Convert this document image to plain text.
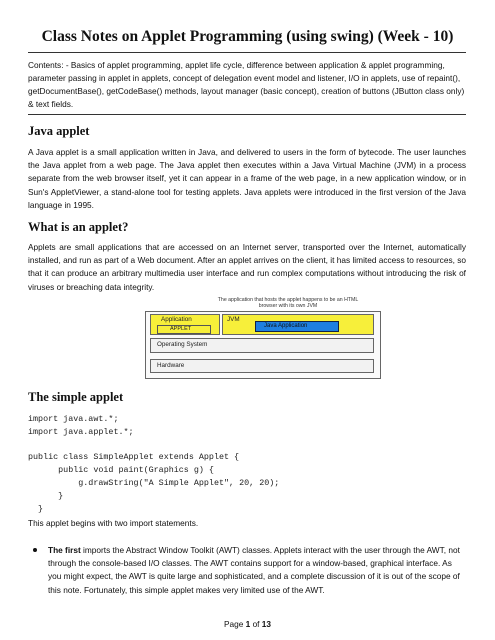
Class Notes on Applet Programming (using swing) (Week - 10)
Contents: - Basics of applet programming, applet life cycle, difference between application & applet programming, parameter passing in applet in applets, concept of delegation event model and listener, I/O in applets, use of repaint(), getDocumentBase(), getCodeBase() methods, layout manager (basic concept), creation of buttons (JButton class only) & text fields.
Java applet

A Java applet is a small application written in Java, and delivered to users in the form of bytecode. The user launches the Java applet from a web page. The Java applet then executes within a Java Virtual Machine (JVM) in a process separate from the web browser itself, yet it can appear in a frame of the web page, in a new application window, or in Sun's AppletViewer, a stand-alone tool for testing applets. Java applets were introduced in the first version of the Java language in 1995.

What is an applet?

Applets are small applications that are accessed on an Internet server, transported over the Internet, automatically installed, and run as part of a Web document. After an applet arrives on the client, it has limited access to resources, so that it can produce an arbitrary multimedia user interface and run complex computations without introducing the risk of viruses or breaching data integrity.

The application that hosts the applet happens to be an HTML browser with its own JVM
Application
APPLET
JVM
Java Application
Operating System
Hardware
The simple applet
import java.awt.*;
import java.applet.*;

public class SimpleApplet extends Applet {
public void paint(Graphics g) {
g.drawString("A Simple Applet", 20, 20);
}
}

This applet begins with two import statements.

The first imports the Abstract Window Toolkit (AWT) classes. Applets interact with the user through the AWT, not through the console-based I/O classes. The AWT contains support for a window-based, graphical interface. As you might expect, the AWT is quite large and sophisticated, and a complete discussion of it is out of the scope of this note. Fortunately, this simple applet makes very limited use of the AWT.

Page 1 of 13
